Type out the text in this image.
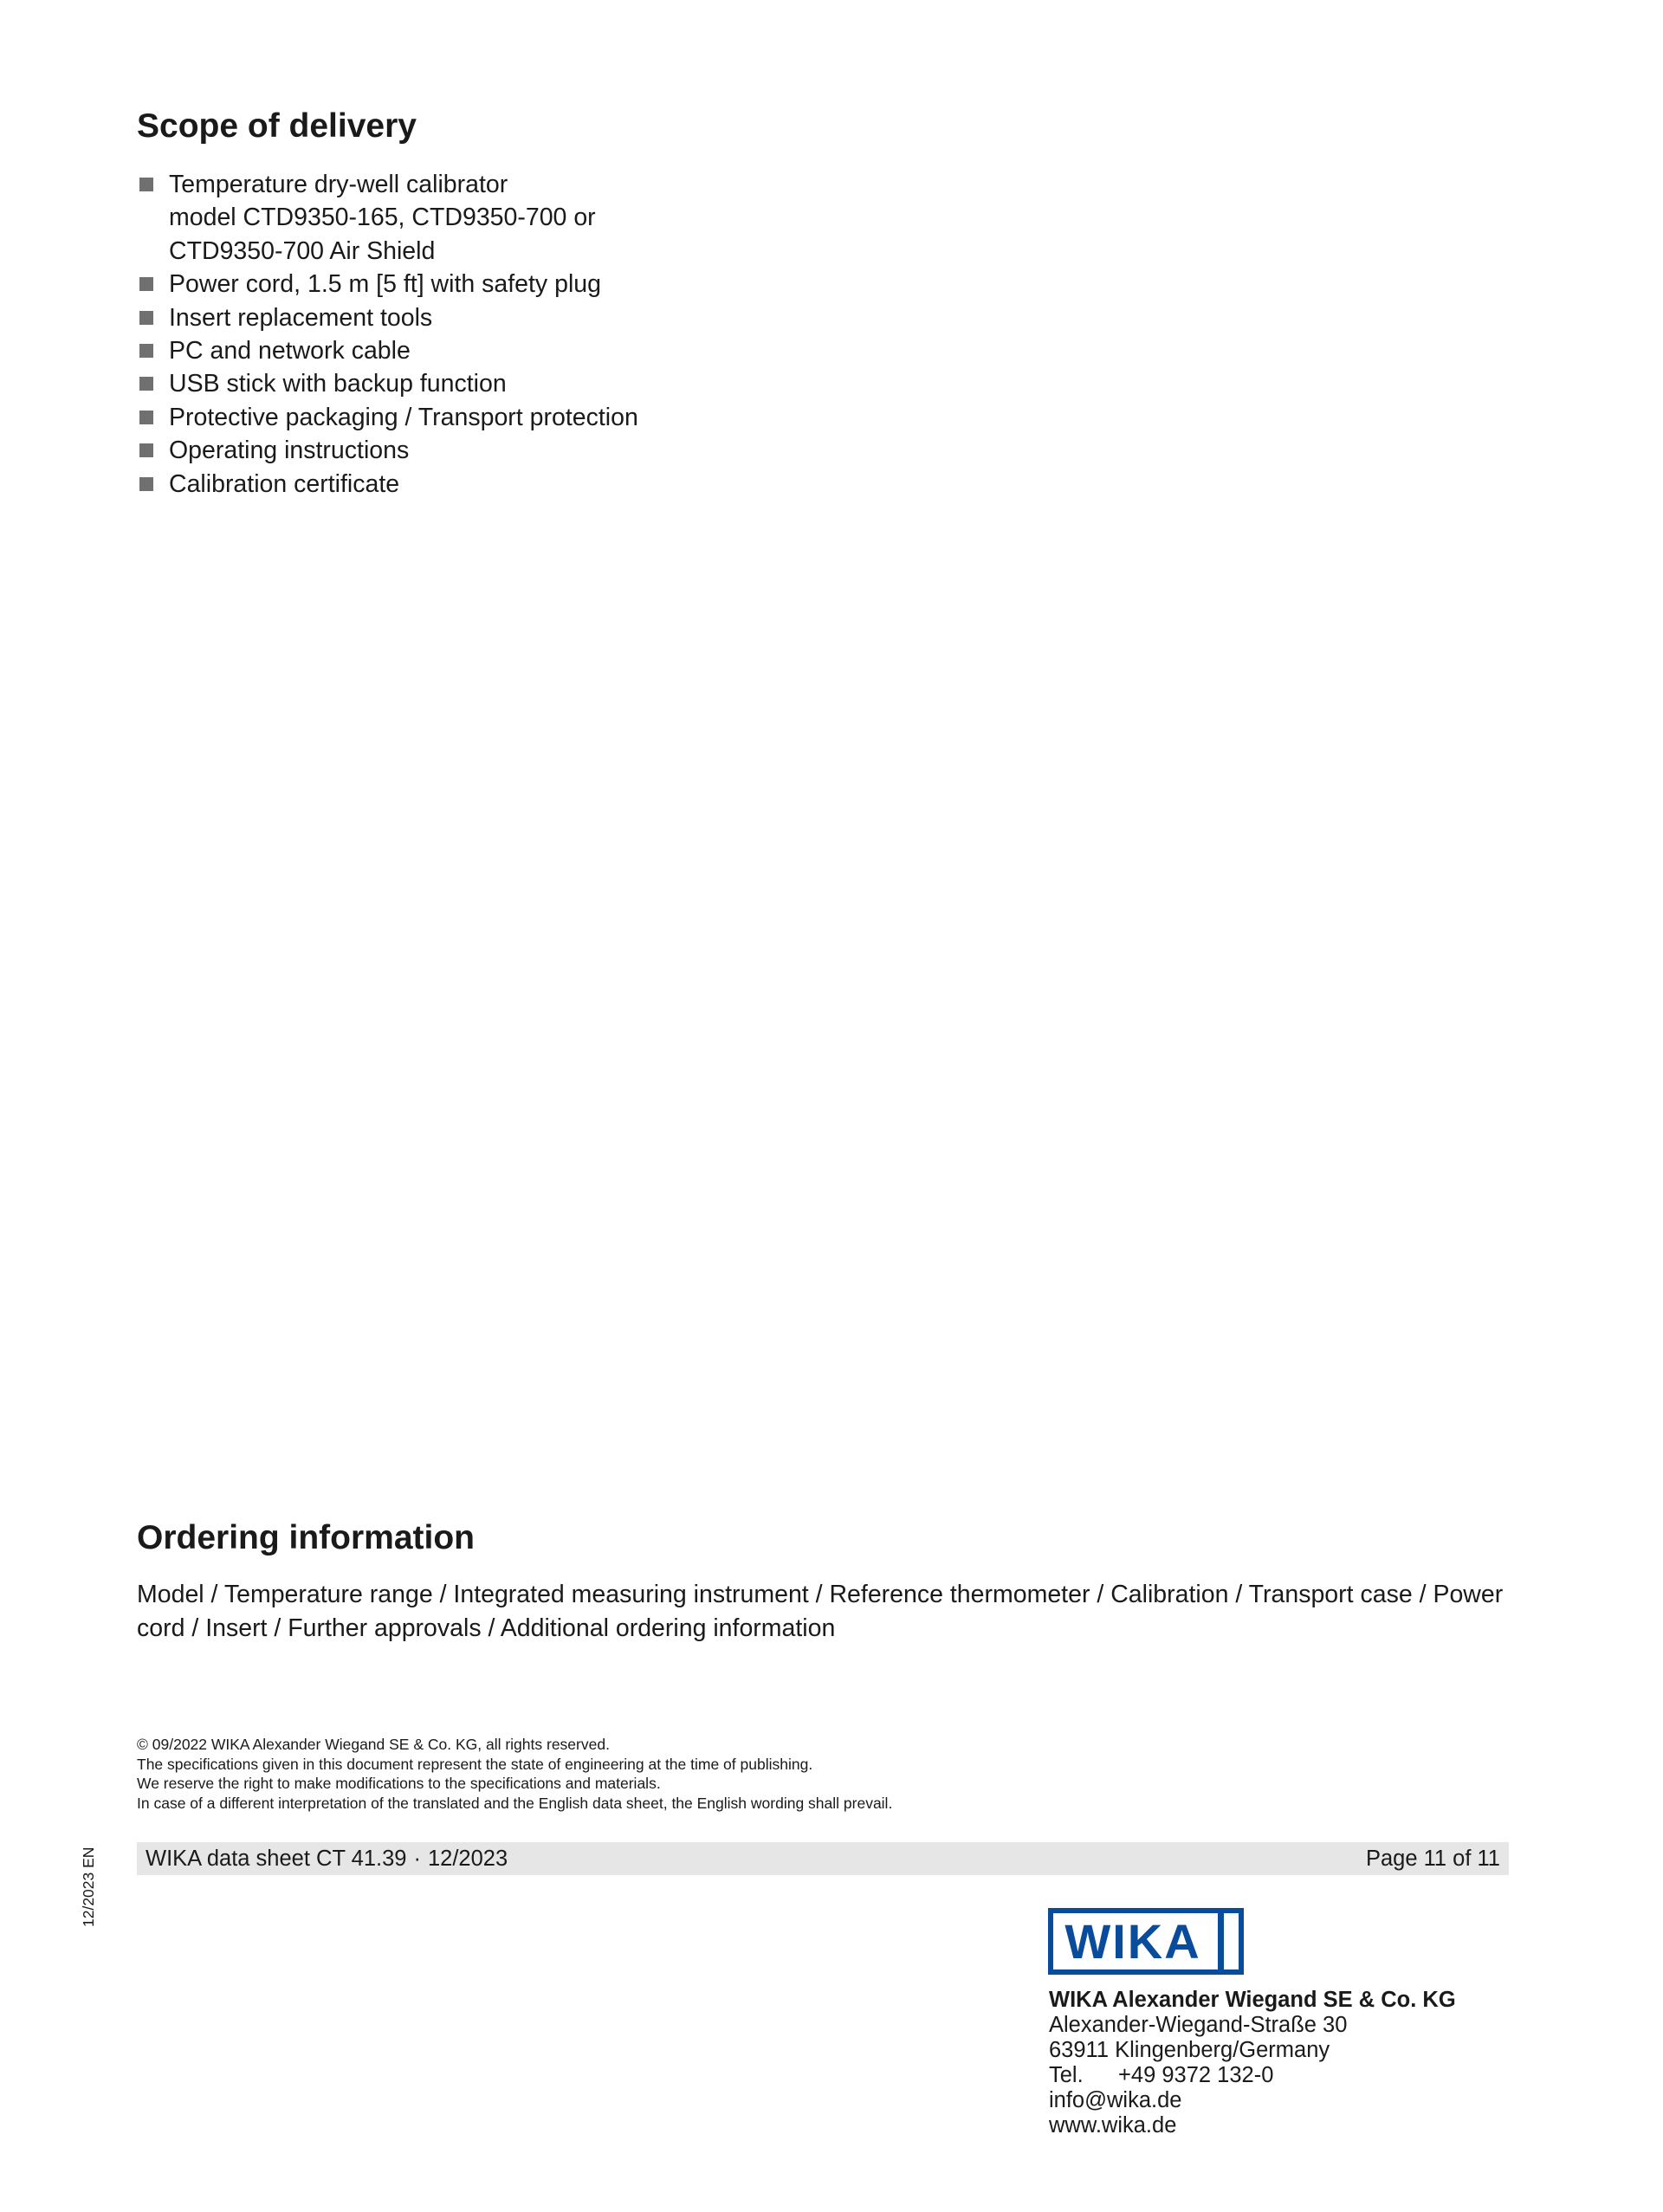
Scope of delivery
Temperature dry-well calibrator
model CTD9350-165, CTD9350-700 or
CTD9350-700 Air Shield
Power cord, 1.5 m [5 ft] with safety plug
Insert replacement tools
PC and network cable
USB stick with backup function
Protective packaging / Transport protection
Operating instructions
Calibration certificate
Ordering information

Model / Temperature range / Integrated measuring instrument / Reference thermometer / Calibration / Transport case / Power cord / Insert / Further approvals / Additional ordering information

© 09/2022 WIKA Alexander Wiegand SE & Co. KG, all rights reserved.
The specifications given in this document represent the state of engineering at the time of publishing.
We reserve the right to make modifications to the specifications and materials.
In case of a different interpretation of the translated and the English data sheet, the English wording shall prevail.
WIKA data sheet CT 41.39 · 12/2023	Page 11 of 11
12/2023 EN
WIKA
WIKA Alexander Wiegand SE & Co. KG
Alexander-Wiegand-Straße 30
63911 Klingenberg/Germany
Tel. +49 9372 132-0
info@wika.de
www.wika.de
